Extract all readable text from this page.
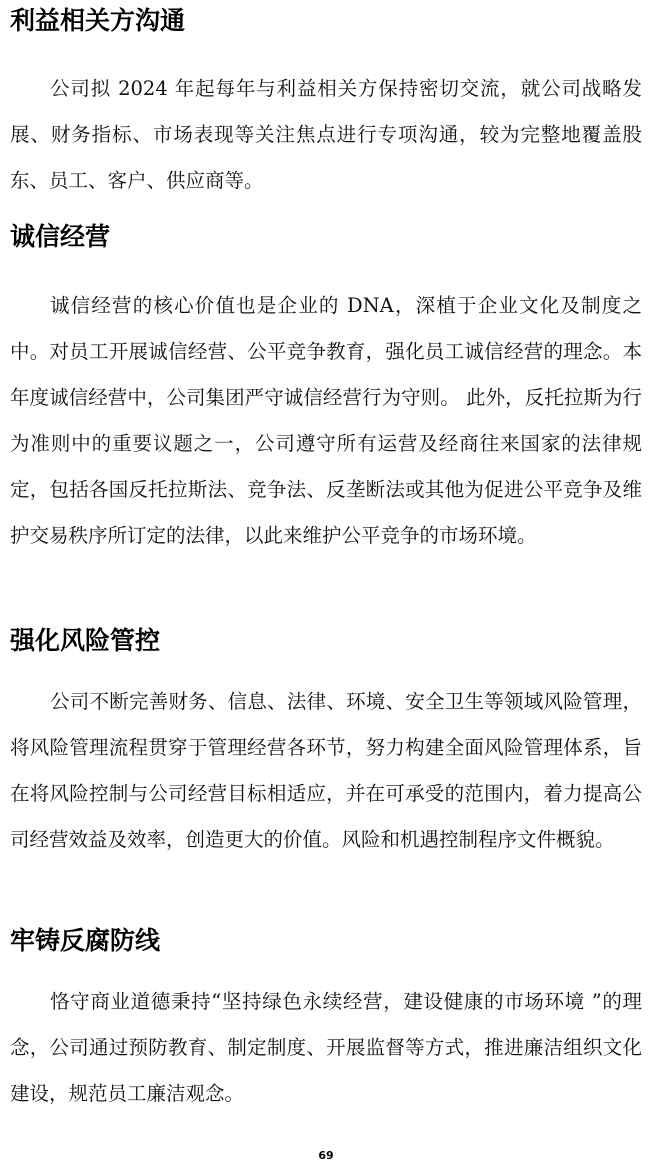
利益相关方沟通

公司拟 2024 年起每年与利益相关方保持密切交流，就公司战略发展、财务指标、市场表现等关注焦点进行专项沟通，较为完整地覆盖股东、员工、客户、供应商等。

诚信经营

诚信经营的核心价值也是企业的 DNA，深植于企业文化及制度之中。对员工开展诚信经营、公平竞争教育，强化员工诚信经营的理念。本年度诚信经营中，公司集团严守诚信经营行为守则。 此外，反托拉斯为行为准则中的重要议题之一，公司遵守所有运营及经商往来国家的法律规定，包括各国反托拉斯法、竞争法、反垄断法或其他为促进公平竞争及维护交易秩序所订定的法律，以此来维护公平竞争的市场环境。

强化风险管控

公司不断完善财务、信息、法律、环境、安全卫生等领域风险管理，将风险管理流程贯穿于管理经营各环节，努力构建全面风险管理体系，旨在将风险控制与公司经营目标相适应，并在可承受的范围内，着力提高公司经营效益及效率，创造更大的价值。风险和机遇控制程序文件概貌。

牢铸反腐防线

恪守商业道德秉持“坚持绿色永续经营，建设健康的市场环境 ”的理念，公司通过预防教育、制定制度、开展监督等方式，推进廉洁组织文化建设，规范员工廉洁观念。

69
